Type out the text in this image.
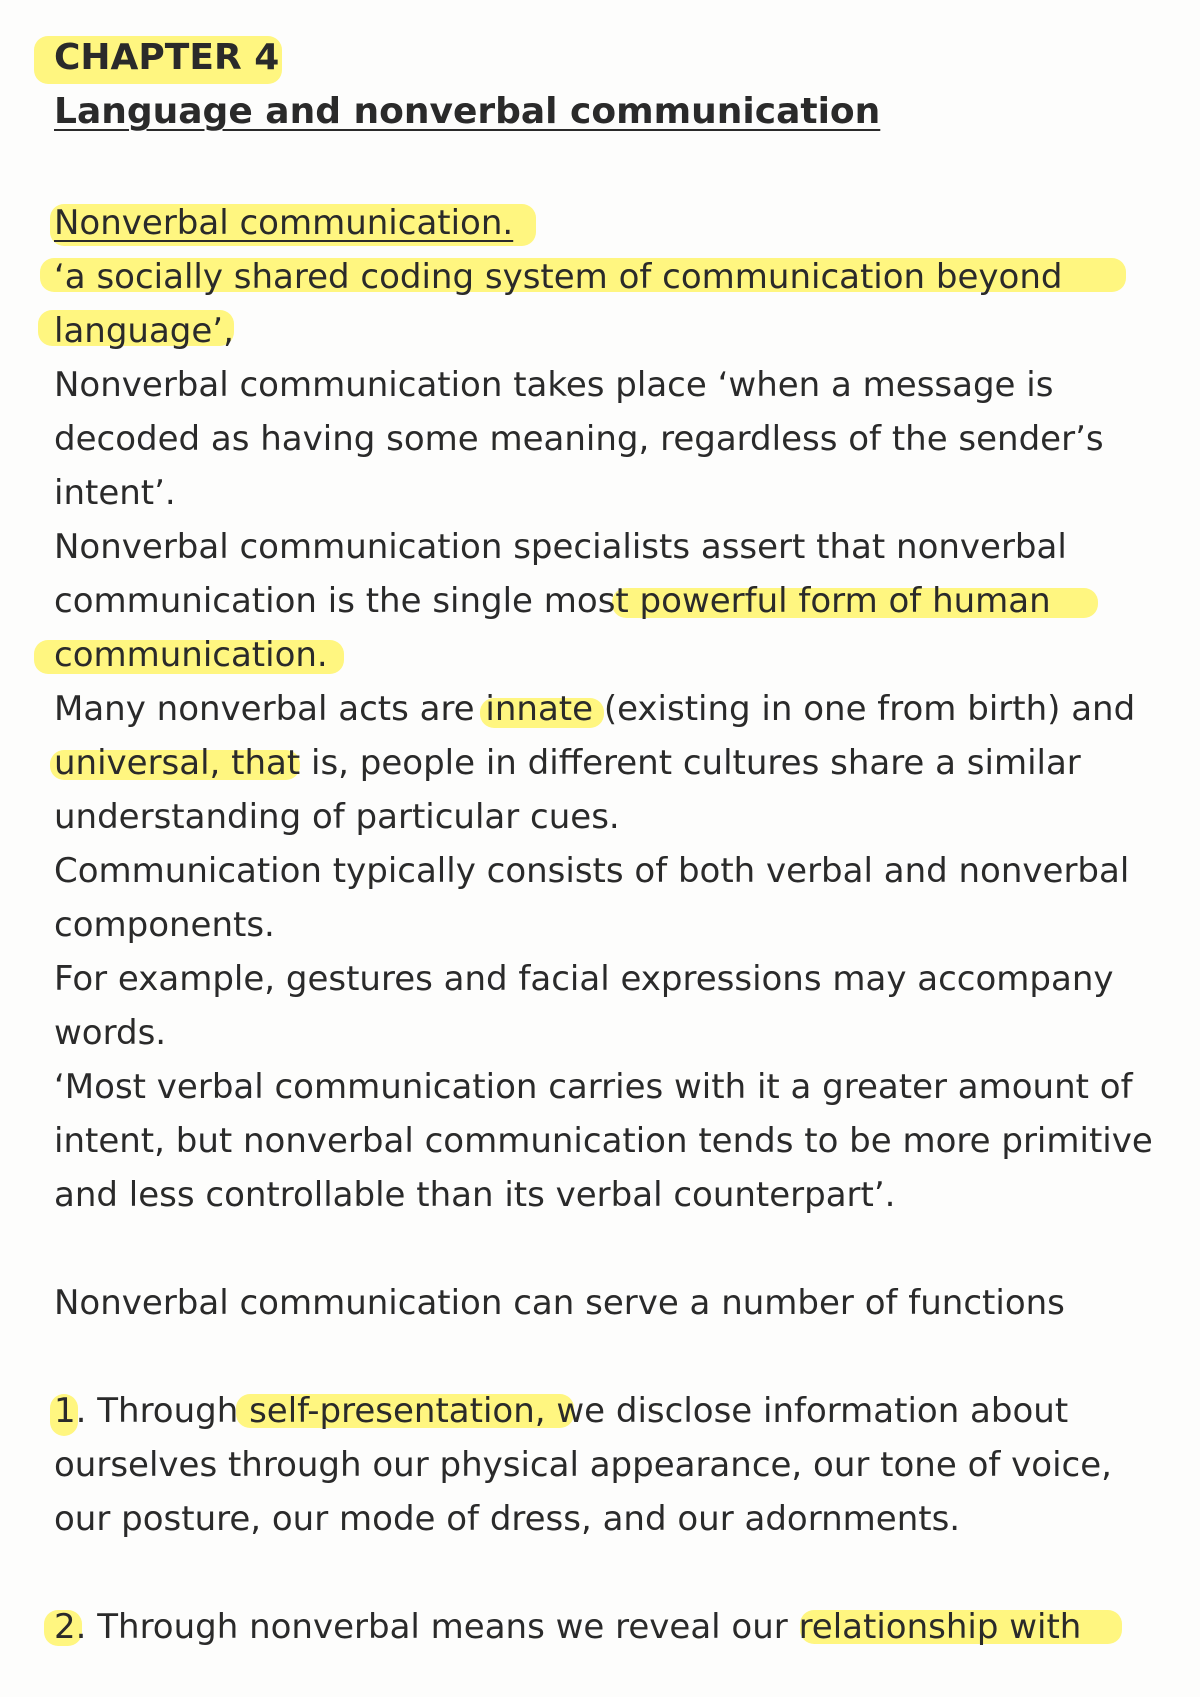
CHAPTER 4
Language and nonverbal communication
Nonverbal communication.
‘a socially shared coding system of communication beyond
language’,
Nonverbal communication takes place ‘when a message is
decoded as having some meaning, regardless of the sender’s
intent’.
Nonverbal communication specialists assert that nonverbal
communication is the single most powerful form of human
communication.
Many nonverbal acts are innate (existing in one from birth) and
universal, that is, people in different cultures share a similar
understanding of particular cues.
Communication typically consists of both verbal and nonverbal
components.
For example, gestures and facial expressions may accompany
words.
‘Most verbal communication carries with it a greater amount of
intent, but nonverbal communication tends to be more primitive
and less controllable than its verbal counterpart’.
Nonverbal communication can serve a number of functions
1. Through self-presentation, we disclose information about
ourselves through our physical appearance, our tone of voice,
our posture, our mode of dress, and our adornments.
2. Through nonverbal means we reveal our relationship with
